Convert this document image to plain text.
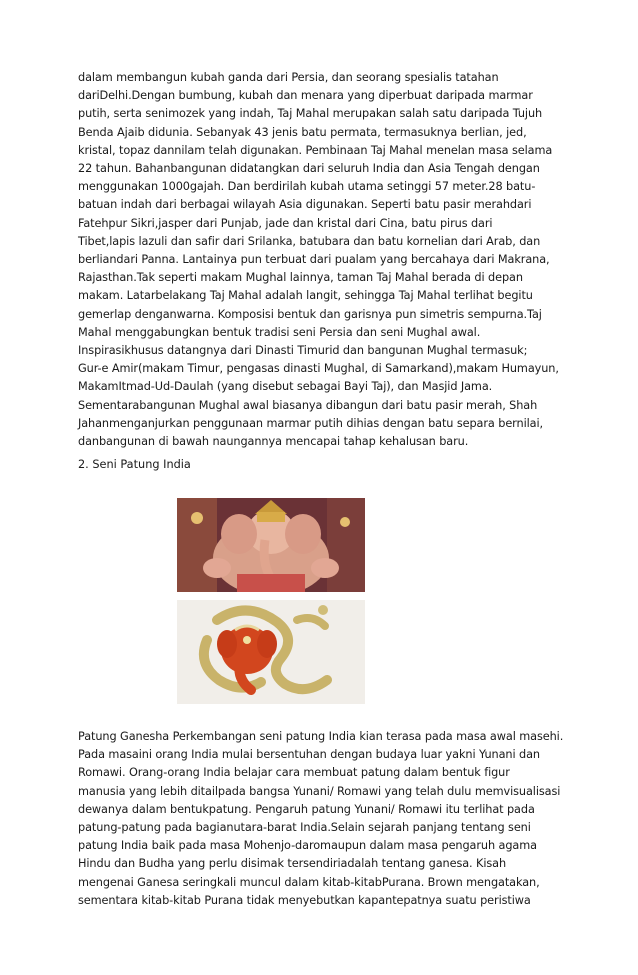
dalam membangun kubah ganda dari Persia, dan seorang spesialis tatahan
dariDelhi.Dengan bumbung, kubah dan menara yang diperbuat daripada marmar
putih, serta senimozek yang indah, Taj Mahal merupakan salah satu daripada Tujuh
Benda Ajaib didunia. Sebanyak 43 jenis batu permata, termasuknya berlian, jed,
kristal, topaz dannilam telah digunakan. Pembinaan Taj Mahal menelan masa selama
22 tahun. Bahanbangunan didatangkan dari seluruh India dan Asia Tengah dengan
menggunakan 1000gajah. Dan berdirilah kubah utama setinggi 57 meter.28 batu-
batuan indah dari berbagai wilayah Asia digunakan. Seperti batu pasir merahdari
Fatehpur Sikri,jasper dari Punjab, jade dan kristal dari Cina, batu pirus dari
Tibet,lapis lazuli dan safir dari Srilanka, batubara dan batu kornelian dari Arab, dan
berliandari Panna. Lantainya pun terbuat dari pualam yang bercahaya dari Makrana,
Rajasthan.Tak seperti makam Mughal lainnya, taman Taj Mahal berada di depan
makam. Latarbelakang Taj Mahal adalah langit, sehingga Taj Mahal terlihat begitu
gemerlap denganwarna. Komposisi bentuk dan garisnya pun simetris sempurna.Taj
Mahal menggabungkan bentuk tradisi seni Persia dan seni Mughal awal.
Inspirasikhusus datangnya dari Dinasti Timurid dan bangunan Mughal termasuk;
Gur-e Amir(makam Timur, pengasas dinasti Mughal, di Samarkand),makam Humayun,
MakamItmad-Ud-Daulah (yang disebut sebagai Bayi Taj), dan Masjid Jama.
Sementarabangunan Mughal awal biasanya dibangun dari batu pasir merah, Shah
Jahanmenganjurkan penggunaan marmar putih dihias dengan batu separa bernilai,
danbangunan di bawah naungannya mencapai tahap kehalusan baru.

2. Seni Patung India

Patung Ganesha Perkembangan seni patung India kian terasa pada masa awal masehi.
Pada masaini orang India mulai bersentuhan dengan budaya luar yakni Yunani dan
Romawi. Orang-orang India belajar cara membuat patung dalam bentuk figur
manusia yang lebih ditailpada bangsa Yunani/ Romawi yang telah dulu memvisualisasi
dewanya dalam bentukpatung. Pengaruh patung Yunani/ Romawi itu terlihat pada
patung-patung pada bagianutara-barat India.Selain sejarah panjang tentang seni
patung India baik pada masa Mohenjo-daromaupun dalam masa pengaruh agama
Hindu dan Budha yang perlu disimak tersendiriadalah tentang ganesa. Kisah
mengenai Ganesa seringkali muncul dalam kitab-kitabPurana. Brown mengatakan,
sementara kitab-kitab Purana tidak menyebutkan kapantepatnya suatu peristiwa
